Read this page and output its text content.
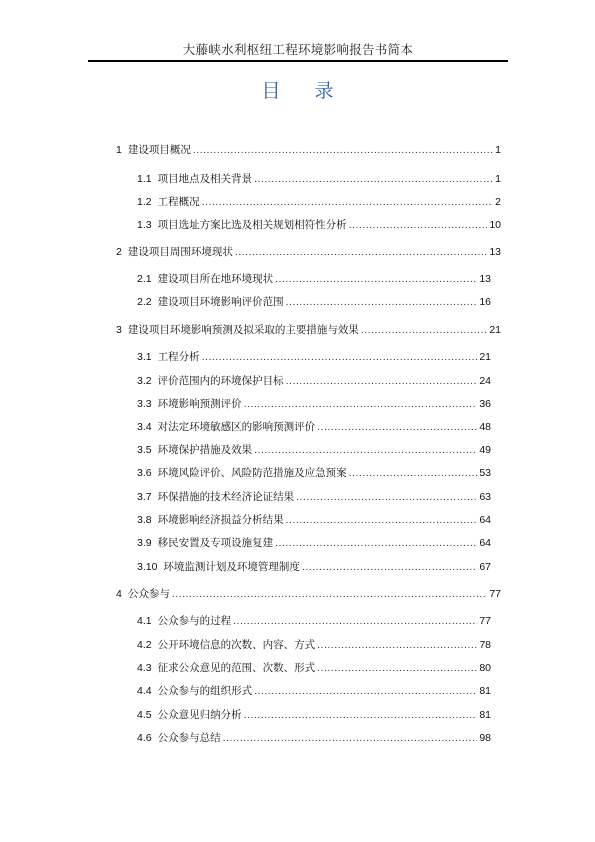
大藤峡水利枢纽工程环境影响报告书简本
目 录
1 建设项目概况 .....	1
1.1 项目地点及相关背景 .....	1
1.2 工程概况 .....	2
1.3 项目选址方案比选及相关规划相符性分析 .....	10
2 建设项目周围环境现状 .....	13
2.1 建设项目所在地环境现状 .....	13
2.2 建设项目环境影响评价范围 .....	16
3 建设项目环境影响预测及拟采取的主要措施与效果 .....	21
3.1 工程分析 .....	21
3.2 评价范围内的环境保护目标 .....	24
3.3 环境影响预测评价 .....	36
3.4 对法定环境敏感区的影响预测评价 .....	48
3.5 环境保护措施及效果 .....	49
3.6 环境风险评价、风险防范措施及应急预案 .....	53
3.7 环保措施的技术经济论证结果 .....	63
3.8 环境影响经济损益分析结果 .....	64
3.9 移民安置及专项设施复建 .....	64
3.10 环境监测计划及环境管理制度 .....	67
4 公众参与 .....	77
4.1 公众参与的过程 .....	77
4.2 公开环境信息的次数、内容、方式 .....	78
4.3 征求公众意见的范围、次数、形式 .....	80
4.4 公众参与的组织形式 .....	81
4.5 公众意见归纳分析 .....	81
4.6 公众参与总结 .....	98
